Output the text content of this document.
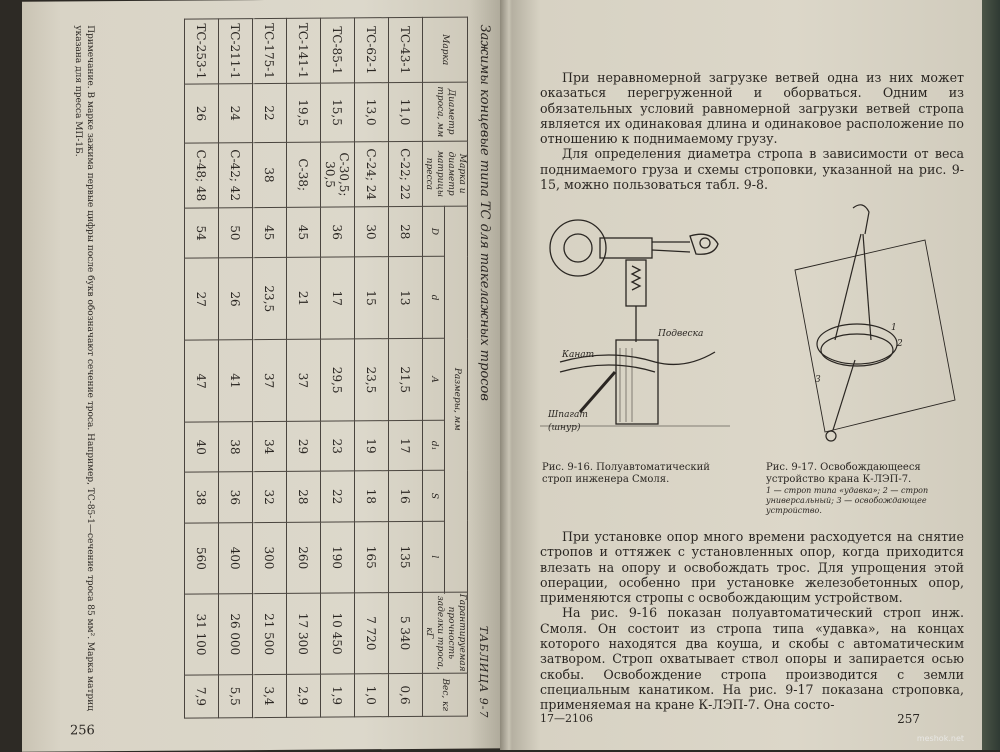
Зажимы концевые типа ТС для такелажных тросов
ТАБЛИЦА 9-7
Марка	Диаметр троса, мм	Марка и диаметр матрицы пресса	Размеры, мм						Гарантируемая прочность заделки троса, кГ	Вес, кг
			D	d	A	d₁	S	l		
ТС-43-1	11,0	С-22; 22	28	13	21,5	17	16	135	5 340	0,6
ТС-62-1	13,0	С-24; 24	30	15	23,5	19	18	165	7 720	1,0
ТС-85-1	15,5	С-30,5; 30,5	36	17	29,5	23	22	190	10 450	1,9
ТС-141-1	19,5	С-38;	45	21	37	29	28	260	17 300	2,9
ТС-175-1	22	38	45	23,5	37	34	32	300	21 500	3,4
ТС-211-1	24	С-42; 42	50	26	41	38	36	400	26 000	5,5
ТС-253-1	26	С-48; 48	54	27	47	40	38	560	31 100	7,9
Примечание. В марке зажима первые цифры после букв обозначают сечение троса. Например, ТС-85-1—сечение троса 85 мм². Марка матриц указана для пресса МП-1Б.
256

При неравномерной загрузке ветвей одна из них может оказаться перегруженной и оборваться. Одним из обязательных условий равномерной загрузки ветвей стропа является их одинаковая длина и одинаковое расположение по отношению к поднимаемому грузу.

Для определения диаметра стропа в зависимости от веса поднимаемого груза и схемы строповки, указанной на рис. 9-15, можно пользоваться табл. 9-8.

Канат
Подвеска
Шпагат
(шнур)
1
2
3
Рис. 9-16. Полуавтоматический строп инженера Смоля.
Рис. 9-17. Освобождающееся устройство крана К-ЛЭП-7.
1 — строп типа «удавка»; 2 — строп универсальный; 3 — освобождающее устройство.

При установке опор много времени расходуется на снятие стропов и оттяжек с установленных опор, когда приходится влезать на опору и освобождать трос. Для упрощения этой операции, особенно при установке железобетонных опор, применяются стропы с освобождающим устройством.

На рис. 9-16 показан полуавтоматический строп инж. Смоля. Он состоит из стропа типа «удавка», на концах которого находятся два коуша, и скобы с автоматическим затвором. Строп охватывает ствол опоры и запирается осью скобы. Освобождение стропа производится с земли специальным канатиком. На рис. 9-17 показана строповка, применяемая на кране К-ЛЭП-7. Она состо-

17—2106	257
meshok.net
